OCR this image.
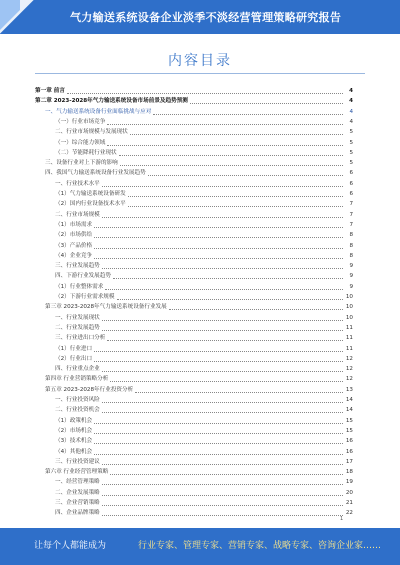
气力输送系统设备企业淡季不淡经营管理策略研究报告
内容目录
第一章 前言	4
第二章 2023-2028年气力输送系统设备市场前景及趋势预测	4
一、气力输送系统设备行业面临挑战与应对	4
（一）行业市场竞争	4
二、行业市场规模与发展现状	5
（一）综合能力领域	5
（二）节能降耗行业现状	5
三、设备行业对上下游的影响	5
四、我国气力输送系统设备行业发展趋势	6
一、行业技术水平	6
（1）气力输送系统设备研发	6
（2）国内行业设备技术水平	7
二、行业市场规模	7
（1）市场需求	7
（2）市场供给	8
（3）产品价格	8
（4）企业竞争	8
三、行业发展趋势	9
四、下游行业发展趋势	9
（1）行业整体需求	9
（2）下游行业需求规模	10
第三章 2023-2028年气力输送系统设备行业发展	10
一、行业发展现状	10
二、行业发展趋势	11
三、行业进出口分析	11
（1）行业进口	11
（2）行业出口	12
四、行业重点企业	12
第四章 行业营销策略分析	12
第五章 2023-2028年行业投资分析	13
一、行业投资风险	14
二、行业投资机会	14
（1）政策机会	15
（2）市场机会	15
（3）技术机会	16
（4）其他机会	16
三、行业投资建议	17
第六章 行业经营管理策略	18
一、经营管理策略	19
二、企业发展策略	20
三、企业营销策略	21
四、企业品牌策略	22
1
让每个人都能成为	行业专家、管理专家、营销专家、战略专家、咨询企业家……
